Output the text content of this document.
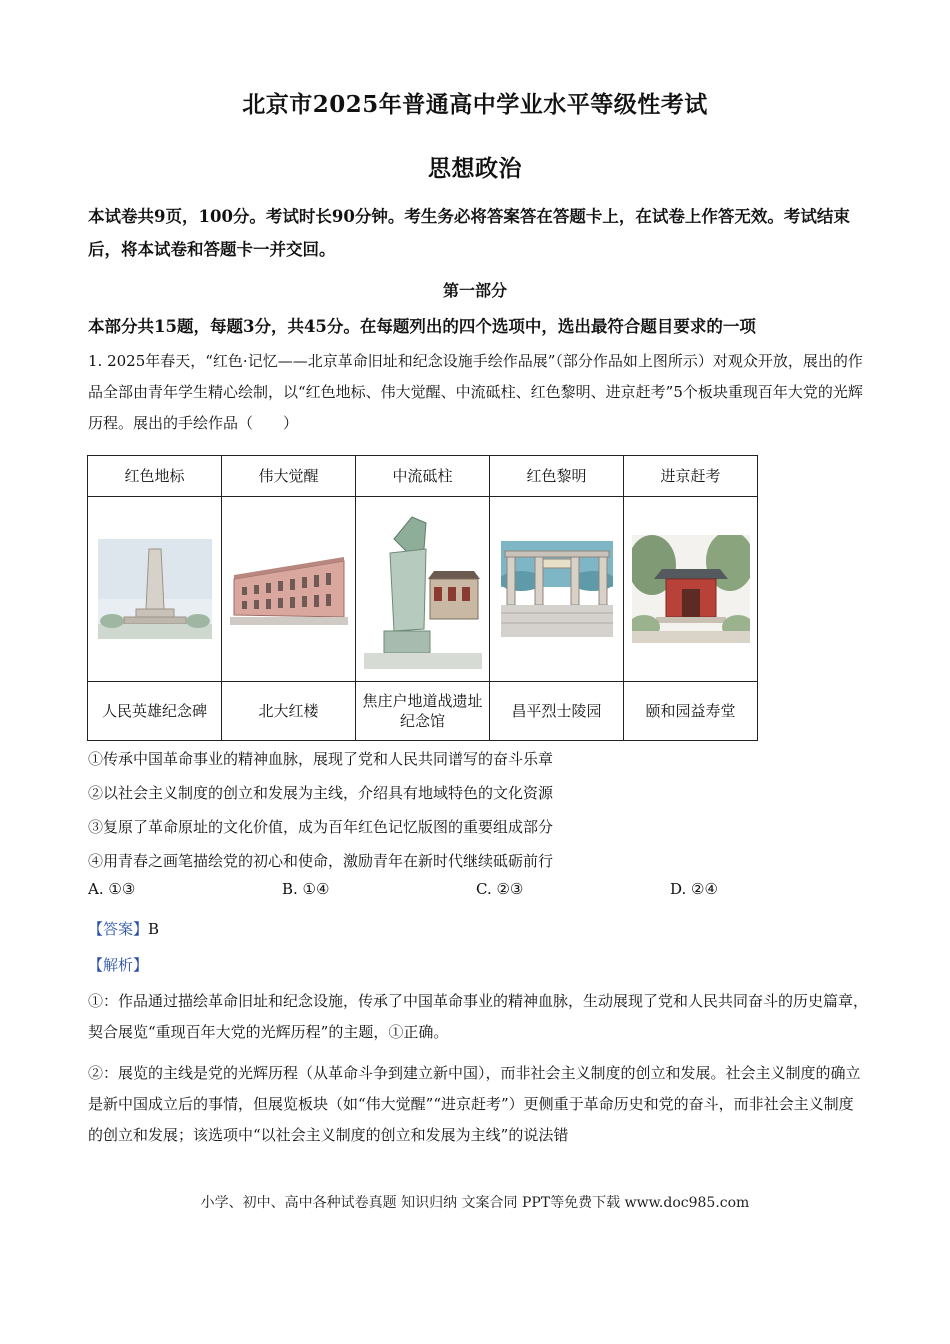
北京市2025年普通高中学业水平等级性考试
思想政治
本试卷共9页，100分。考试时长90分钟。考生务必将答案答在答题卡上，在试卷上作答无效。考试结束后，将本试卷和答题卡一并交回。
第一部分
本部分共15题，每题3分，共45分。在每题列出的四个选项中，选出最符合题目要求的一项
1. 2025年春天，“红色·记忆——北京革命旧址和纪念设施手绘作品展”（部分作品如上图所示）对观众开放，展出的作品全部由青年学生精心绘制，以“红色地标、伟大觉醒、中流砥柱、红色黎明、进京赶考”5个板块重现百年大党的光辉历程。展出的手绘作品（　　）
红色地标	伟大觉醒	中流砥柱	红色黎明	进京赶考

人民英雄纪念碑	北大红楼	焦庄户地道战遗址纪念馆	昌平烈士陵园	颐和园益寿堂
①传承中国革命事业的精神血脉，展现了党和人民共同谱写的奋斗乐章
②以社会主义制度的创立和发展为主线，介绍具有地域特色的文化资源
③复原了革命原址的文化价值，成为百年红色记忆版图的重要组成部分
④用青春之画笔描绘党的初心和使命，激励青年在新时代继续砥砺前行
A. ①③	B. ①④	C. ②③	D. ②④
【答案】B
【解析】
①：作品通过描绘革命旧址和纪念设施，传承了中国革命事业的精神血脉，生动展现了党和人民共同奋斗的历史篇章，契合展览“重现百年大党的光辉历程”的主题，①正确。
②：展览的主线是党的光辉历程（从革命斗争到建立新中国），而非社会主义制度的创立和发展。社会主义制度的确立是新中国成立后的事情，但展览板块（如“伟大觉醒”“进京赶考”）更侧重于革命历史和党的奋斗，而非社会主义制度的创立和发展；该选项中“以社会主义制度的创立和发展为主线”的说法错
小学、初中、高中各种试卷真题 知识归纳 文案合同 PPT等免费下载 www.doc985.com
